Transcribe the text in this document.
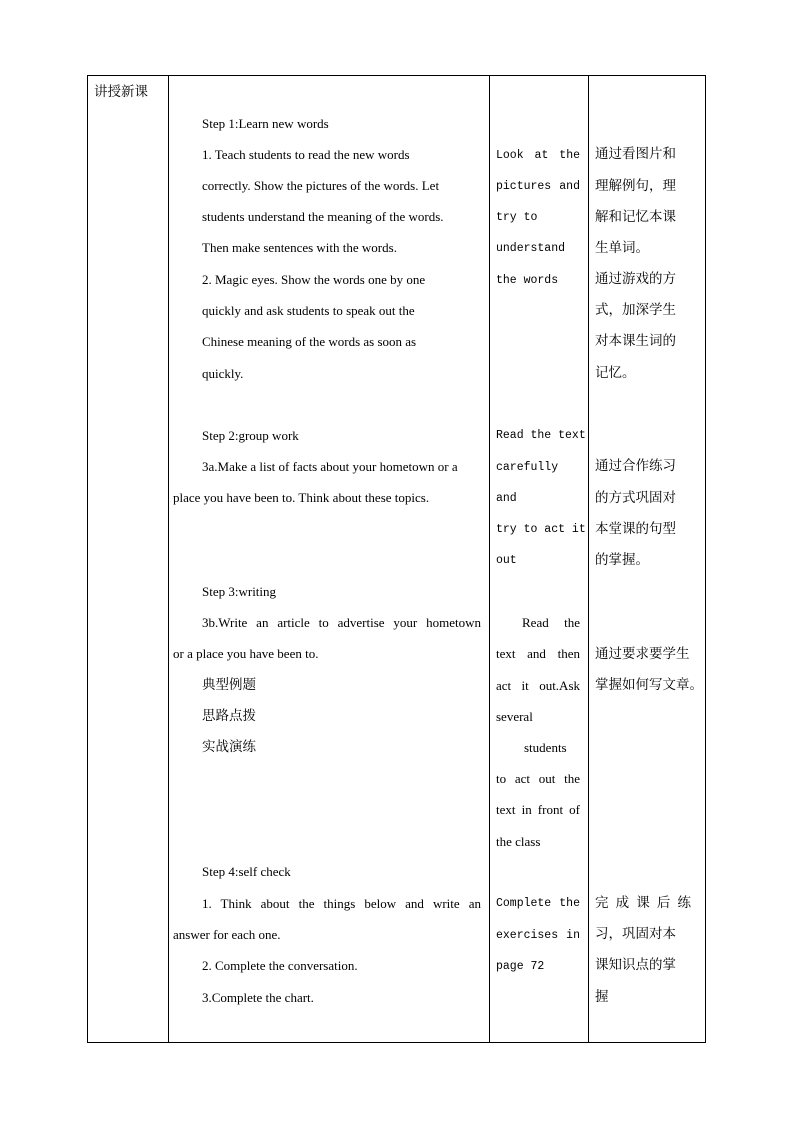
讲授新课
Step 1:Learn new words
1. Teach students to read the new words
correctly. Show the pictures of the words. Let
students understand the meaning of the words.
Then make sentences with the words.
2. Magic eyes. Show the words one by one
quickly and ask students to speak out the
Chinese meaning of the words as soon as
quickly.
Step 2:group work
3a.Make a list of facts about your hometown or a
place you have been to. Think about these topics.
Step 3:writing
3b.Write an article to advertise your hometown
or a place you have been to.
典型例题
思路点拨
实战演练
Step 4:self check
1. Think about the things below and write an
answer for each one.
2. Complete the conversation.
3.Complete the chart.
Look at the
pictures and
try to
understand
the words
Read the text
carefully
and
try to act it
out
Read the
text and then
act it out.Ask
several
students
to act out the
text in front of
the class
Complete the
exercises in
page 72
通过看图片和
理解例句，理
解和记忆本课
生单词。
通过游戏的方
式，加深学生
对本课生词的
记忆。
通过合作练习
的方式巩固对
本堂课的句型
的掌握。
通过要求要学生
掌握如何写文章。
完成课后练
习，巩固对本
课知识点的掌
握
